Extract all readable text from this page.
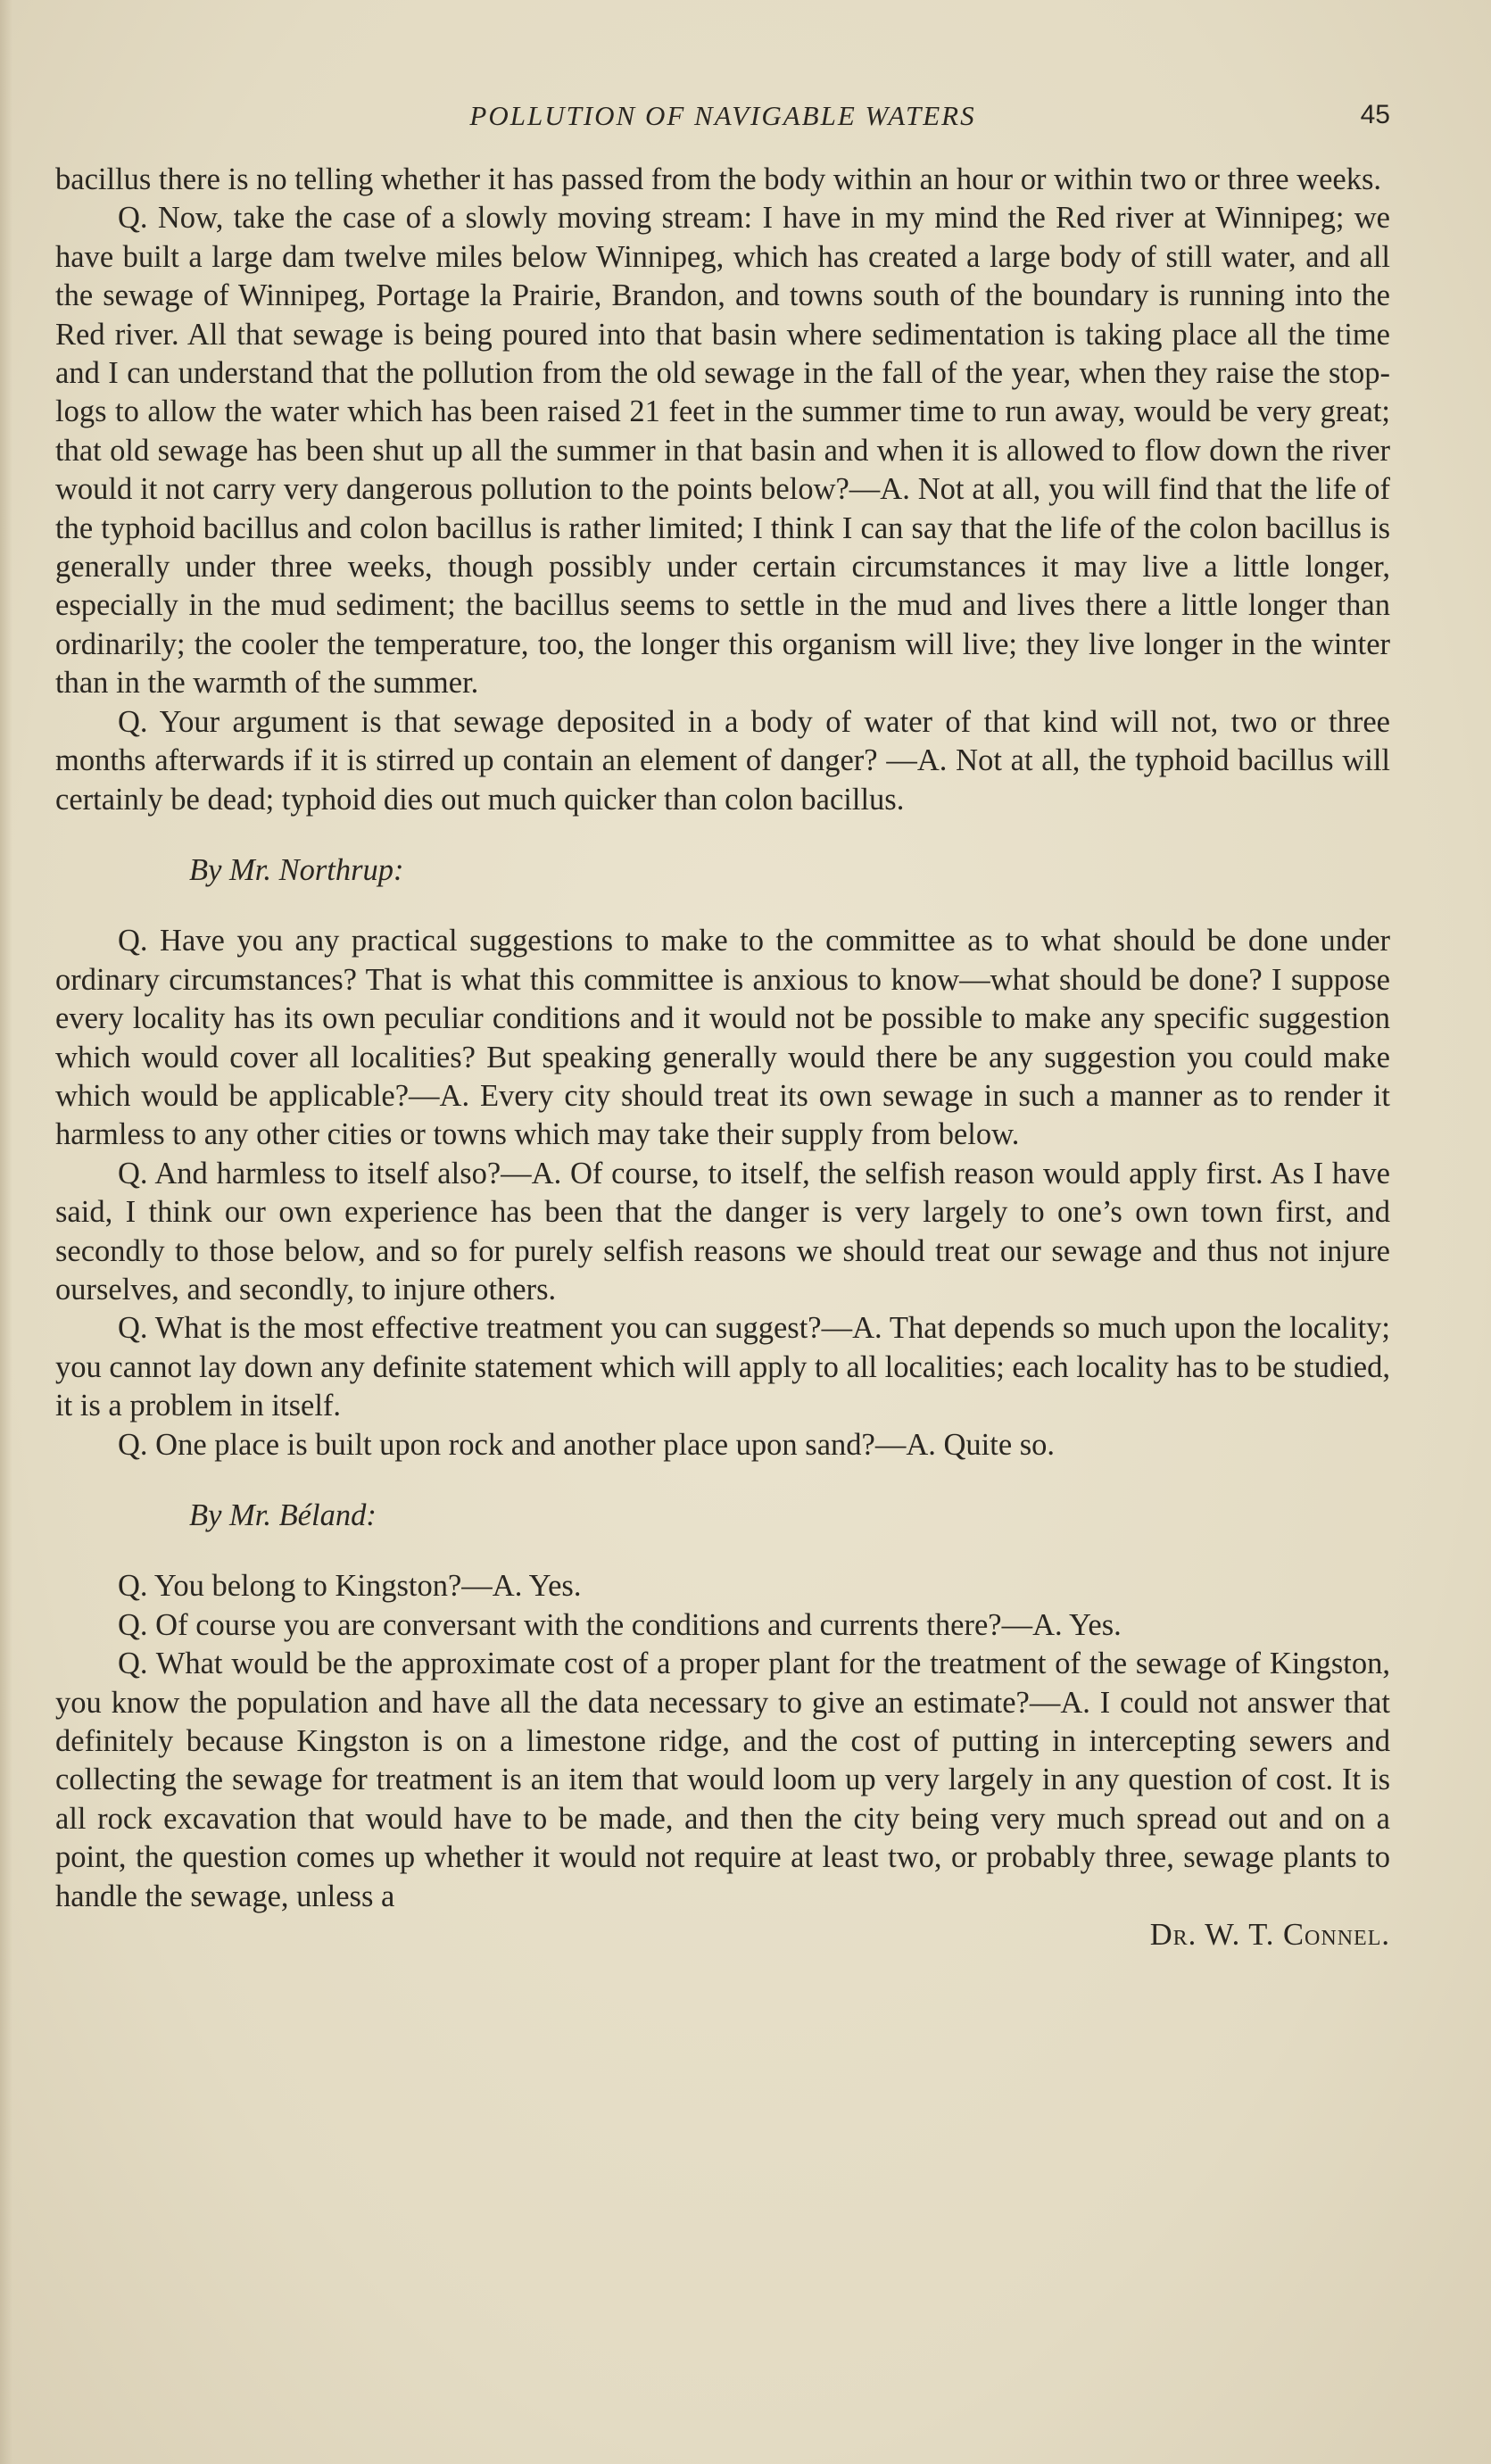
POLLUTION OF NAVIGABLE WATERS	45

bacillus there is no telling whether it has passed from the body within an hour or within two or three weeks.

Q. Now, take the case of a slowly moving stream: I have in my mind the Red river at Winnipeg; we have built a large dam twelve miles below Winnipeg, which has created a large body of still water, and all the sewage of Winnipeg, Portage la Prairie, Brandon, and towns south of the boundary is running into the Red river. All that sewage is being poured into that basin where sedimentation is taking place all the time and I can understand that the pollution from the old sewage in the fall of the year, when they raise the stop-logs to allow the water which has been raised 21 feet in the summer time to run away, would be very great; that old sewage has been shut up all the summer in that basin and when it is allowed to flow down the river would it not carry very dangerous pollution to the points below?—A. Not at all, you will find that the life of the typhoid bacillus and colon bacillus is rather limited; I think I can say that the life of the colon bacillus is generally under three weeks, though possibly under certain circumstances it may live a little longer, especially in the mud sediment; the bacillus seems to settle in the mud and lives there a little longer than ordinarily; the cooler the temperature, too, the longer this organism will live; they live longer in the winter than in the warmth of the summer.

Q. Your argument is that sewage deposited in a body of water of that kind will not, two or three months afterwards if it is stirred up contain an element of danger? —A. Not at all, the typhoid bacillus will certainly be dead; typhoid dies out much quicker than colon bacillus.

By Mr. Northrup:

Q. Have you any practical suggestions to make to the committee as to what should be done under ordinary circumstances? That is what this committee is anxious to know—what should be done? I suppose every locality has its own peculiar conditions and it would not be possible to make any specific suggestion which would cover all localities? But speaking generally would there be any suggestion you could make which would be applicable?—A. Every city should treat its own sewage in such a manner as to render it harmless to any other cities or towns which may take their supply from below.

Q. And harmless to itself also?—A. Of course, to itself, the selfish reason would apply first. As I have said, I think our own experience has been that the danger is very largely to one’s own town first, and secondly to those below, and so for purely selfish reasons we should treat our sewage and thus not injure ourselves, and secondly, to injure others.

Q. What is the most effective treatment you can suggest?—A. That depends so much upon the locality; you cannot lay down any definite statement which will apply to all localities; each locality has to be studied, it is a problem in itself.

Q. One place is built upon rock and another place upon sand?—A. Quite so.

By Mr. Béland:

Q. You belong to Kingston?—A. Yes.

Q. Of course you are conversant with the conditions and currents there?—A. Yes.

Q. What would be the approximate cost of a proper plant for the treatment of the sewage of Kingston, you know the population and have all the data necessary to give an estimate?—A. I could not answer that definitely because Kingston is on a limestone ridge, and the cost of putting in intercepting sewers and collecting the sewage for treatment is an item that would loom up very largely in any question of cost. It is all rock excavation that would have to be made, and then the city being very much spread out and on a point, the question comes up whether it would not require at least two, or probably three, sewage plants to handle the sewage, unless a

Dr. W. T. Connel.
